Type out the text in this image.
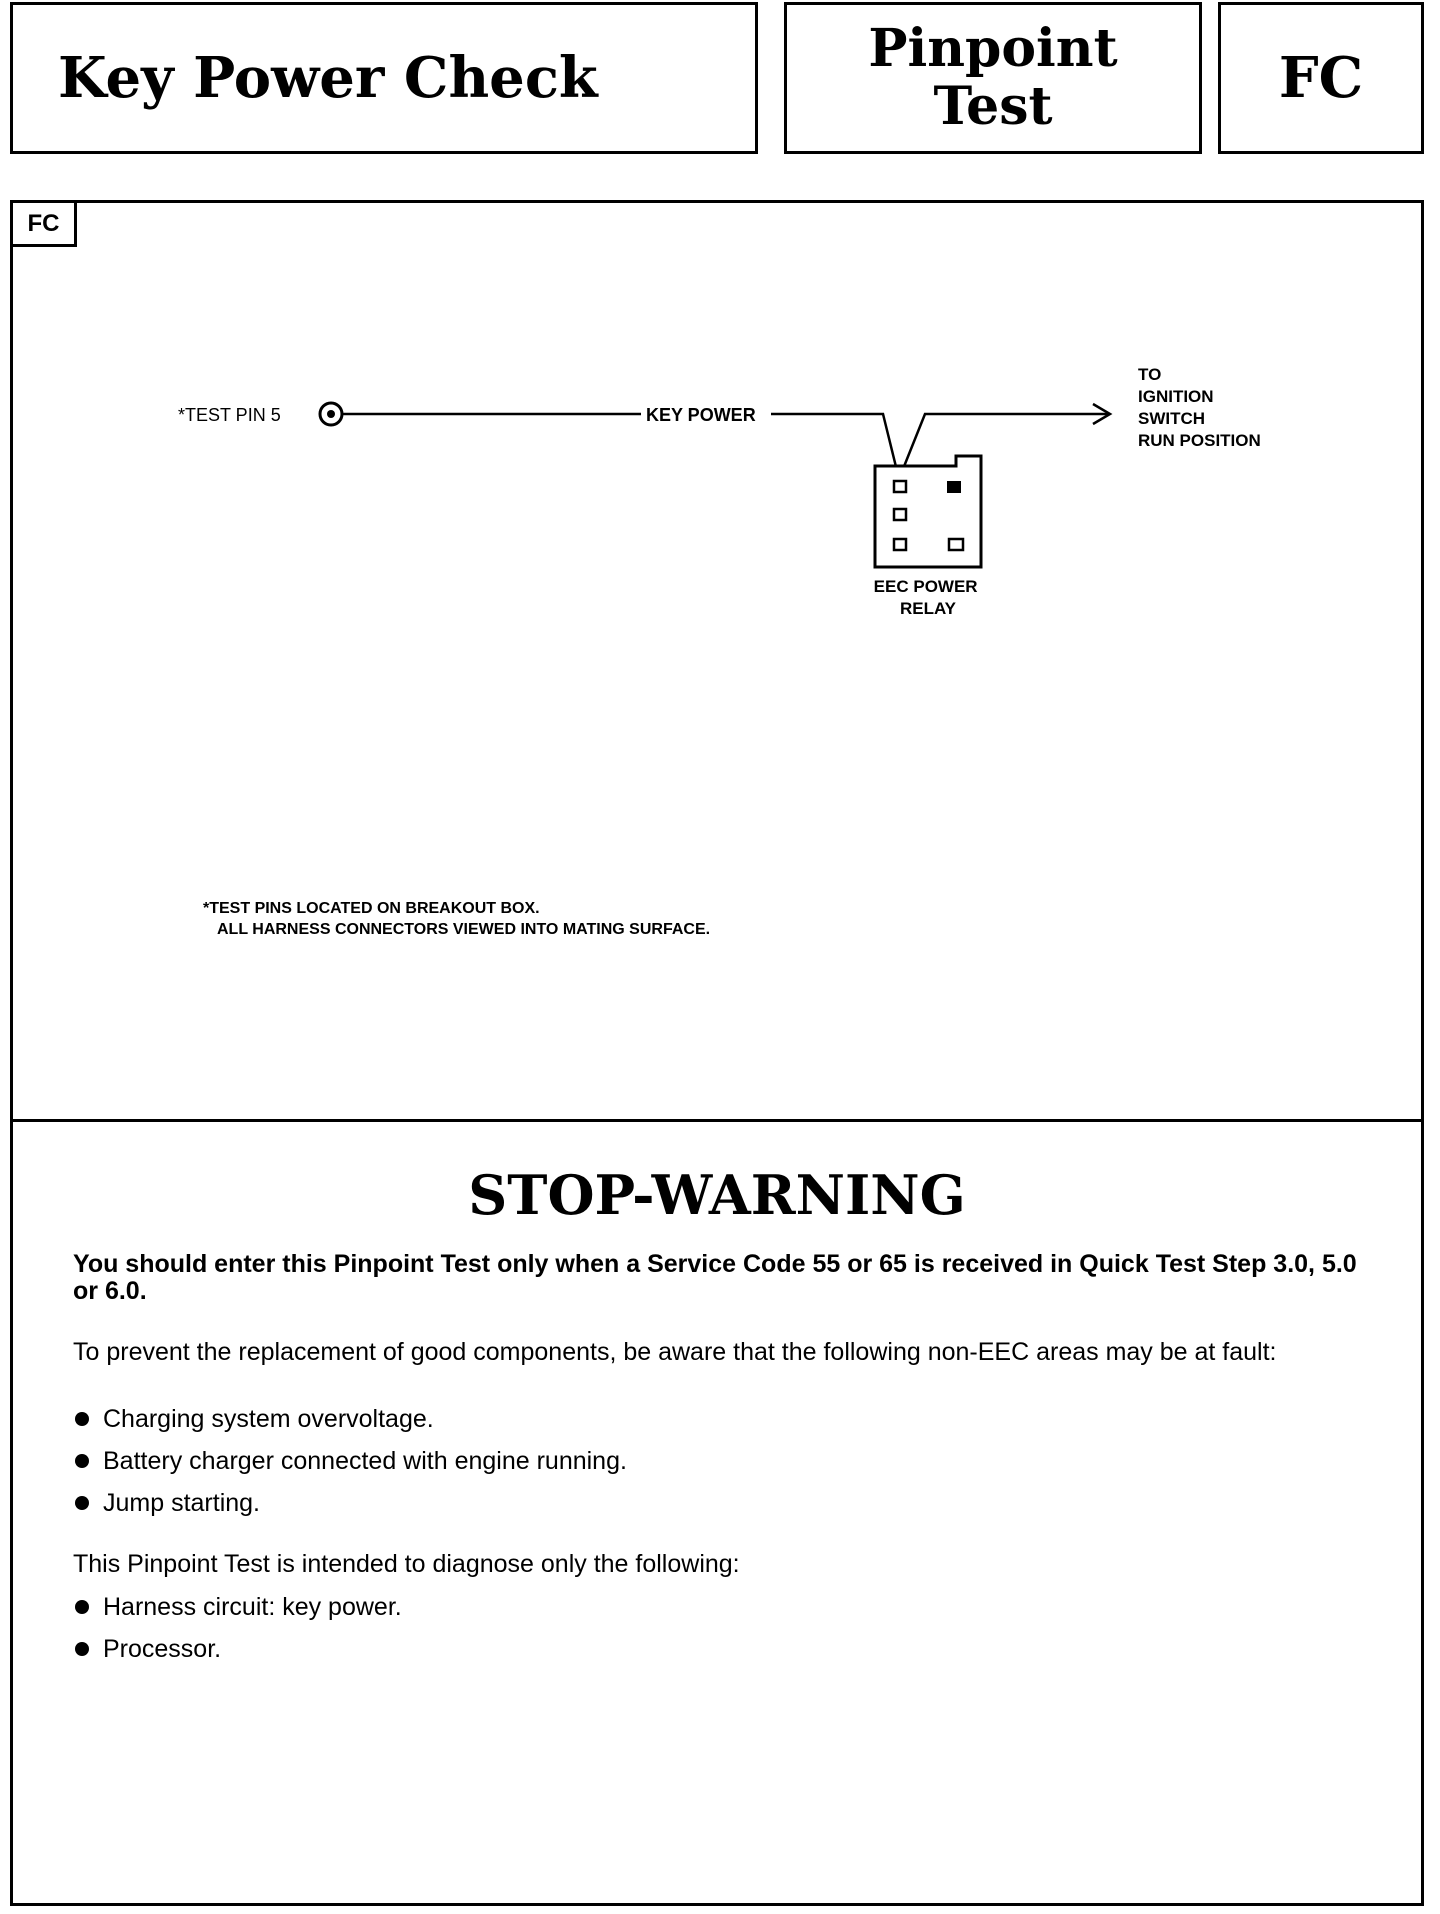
Key Power Check	Pinpoint
Test	FC
FC
*TEST PIN 5	KEY POWER
TO IGNITION SWITCH RUN POSITION
EEC POWER RELAY
*TEST PINS LOCATED ON BREAKOUT BOX. ALL HARNESS CONNECTORS VIEWED INTO MATING SURFACE.
STOP-WARNING
You should enter this Pinpoint Test only when a Service Code 55 or 65 is received in Quick Test Step 3.0, 5.0 or 6.0.
To prevent the replacement of good components, be aware that the following non-EEC areas may be at fault:
Charging system overvoltage.
Battery charger connected with engine running.
Jump starting.
This Pinpoint Test is intended to diagnose only the following:
Harness circuit: key power.
Processor.
